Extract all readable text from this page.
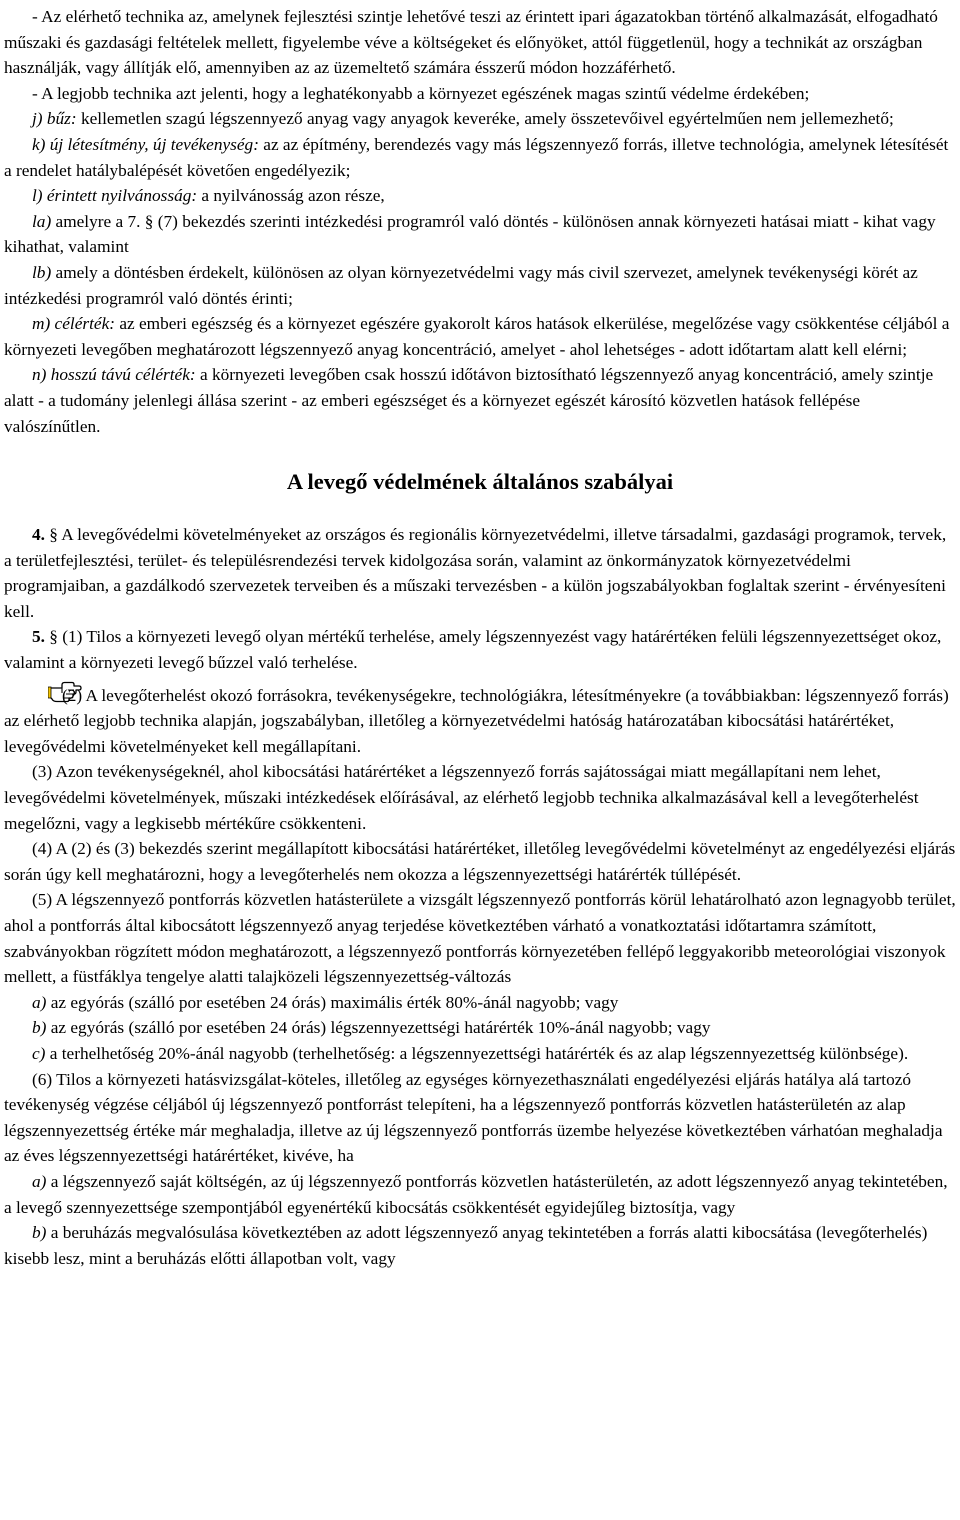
- Az elérhető technika az, amelynek fejlesztési szintje lehetővé teszi az érintett ipari ágazatokban történő alkalmazását, elfogadható műszaki és gazdasági feltételek mellett, figyelembe véve a költségeket és előnyöket, attól függetlenül, hogy a technikát az országban használják, vagy állítják elő, amennyiben az az üzemeltető számára ésszerű módon hozzáférhető.

- A legjobb technika azt jelenti, hogy a leghatékonyabb a környezet egészének magas szintű védelme érdekében;

j) bűz: kellemetlen szagú légszennyező anyag vagy anyagok keveréke, amely összetevőivel egyértelműen nem jellemezhető;

k) új létesítmény, új tevékenység: az az építmény, berendezés vagy más légszennyező forrás, illetve technológia, amelynek létesítését a rendelet hatálybalépését követően engedélyezik;

l) érintett nyilvánosság: a nyilvánosság azon része,

la) amelyre a 7. § (7) bekezdés szerinti intézkedési programról való döntés - különösen annak környezeti hatásai miatt - kihat vagy kihathat, valamint

lb) amely a döntésben érdekelt, különösen az olyan környezetvédelmi vagy más civil szervezet, amelynek tevékenységi körét az intézkedési programról való döntés érinti;

m) célérték: az emberi egészség és a környezet egészére gyakorolt káros hatások elkerülése, megelőzése vagy csökkentése céljából a környezeti levegőben meghatározott légszennyező anyag koncentráció, amelyet - ahol lehetséges - adott időtartam alatt kell elérni;

n) hosszú távú célérték: a környezeti levegőben csak hosszú időtávon biztosítható légszennyező anyag koncentráció, amely szintje alatt - a tudomány jelenlegi állása szerint - az emberi egészséget és a környezet egészét károsító közvetlen hatások fellépése valószínűtlen.

A levegő védelmének általános szabályai

4. § A levegővédelmi követelményeket az országos és regionális környezetvédelmi, illetve társadalmi, gazdasági programok, tervek, a területfejlesztési, terület- és településrendezési tervek kidolgozása során, valamint az önkormányzatok környezetvédelmi programjaiban, a gazdálkodó szervezetek terveiben és a műszaki tervezésben - a külön jogszabályokban foglaltak szerint - érvényesíteni kell.

5. § (1) Tilos a környezeti levegő olyan mértékű terhelése, amely légszennyezést vagy határértéken felüli légszennyezettséget okoz, valamint a környezeti levegő bűzzel való terhelése.

(2) A levegőterhelést okozó forrásokra, tevékenységekre, technológiákra, létesítményekre (a továbbiakban: légszennyező forrás) az elérhető legjobb technika alapján, jogszabályban, illetőleg a környezetvédelmi hatóság határozatában kibocsátási határértéket, levegővédelmi követelményeket kell megállapítani.

(3) Azon tevékenységeknél, ahol kibocsátási határértéket a légszennyező forrás sajátosságai miatt megállapítani nem lehet, levegővédelmi követelmények, műszaki intézkedések előírásával, az elérhető legjobb technika alkalmazásával kell a levegőterhelést megelőzni, vagy a legkisebb mértékűre csökkenteni.

(4) A (2) és (3) bekezdés szerint megállapított kibocsátási határértéket, illetőleg levegővédelmi követelményt az engedélyezési eljárás során úgy kell meghatározni, hogy a levegőterhelés nem okozza a légszennyezettségi határérték túllépését.

(5) A légszennyező pontforrás közvetlen hatásterülete a vizsgált légszennyező pontforrás körül lehatárolható azon legnagyobb terület, ahol a pontforrás által kibocsátott légszennyező anyag terjedése következtében várható a vonatkoztatási időtartamra számított, szabványokban rögzített módon meghatározott, a légszennyező pontforrás környezetében fellépő leggyakoribb meteorológiai viszonyok mellett, a füstfáklya tengelye alatti talajközeli légszennyezettség-változás

a) az egyórás (szálló por esetében 24 órás) maximális érték 80%-ánál nagyobb; vagy

b) az egyórás (szálló por esetében 24 órás) légszennyezettségi határérték 10%-ánál nagyobb; vagy

c) a terhelhetőség 20%-ánál nagyobb (terhelhetőség: a légszennyezettségi határérték és az alap légszennyezettség különbsége).

(6) Tilos a környezeti hatásvizsgálat-köteles, illetőleg az egységes környezethasználati engedélyezési eljárás hatálya alá tartozó tevékenység végzése céljából új légszennyező pontforrást telepíteni, ha a légszennyező pontforrás közvetlen hatásterületén az alap légszennyezettség értéke már meghaladja, illetve az új légszennyező pontforrás üzembe helyezése következtében várhatóan meghaladja az éves légszennyezettségi határértéket, kivéve, ha

a) a légszennyező saját költségén, az új légszennyező pontforrás közvetlen hatásterületén, az adott légszennyező anyag tekintetében, a levegő szennyezettsége szempontjából egyenértékű kibocsátás csökkentését egyidejűleg biztosítja, vagy

b) a beruházás megvalósulása következtében az adott légszennyező anyag tekintetében a forrás alatti kibocsátása (levegőterhelés) kisebb lesz, mint a beruházás előtti állapotban volt, vagy
